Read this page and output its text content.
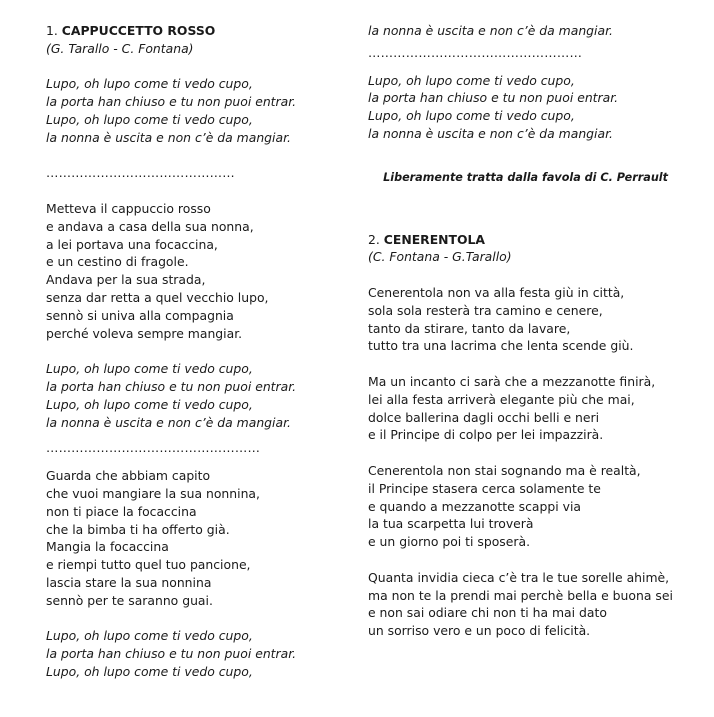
1. CAPPUCCETTO ROSSO
(G. Tarallo - C. Fontana)
Lupo, oh lupo come ti vedo cupo,
la porta han chiuso e tu non puoi entrar.
Lupo, oh lupo come ti vedo cupo,
la nonna è uscita e non c’è da mangiar.
………………………………………
Metteva il cappuccio rosso
e andava a casa della sua nonna,
a lei portava una focaccina,
e un cestino di fragole.
Andava per la sua strada,
senza dar retta a quel vecchio lupo,
sennò si univa alla compagnia
perché voleva sempre mangiar.
Lupo, oh lupo come ti vedo cupo,
la porta han chiuso e tu non puoi entrar.
Lupo, oh lupo come ti vedo cupo,
la nonna è uscita e non c’è da mangiar.
……………………………………………
Guarda che abbiam capito
che vuoi mangiare la sua nonnina,
non ti piace la focaccina
che la bimba ti ha offerto già.
Mangia la focaccina
e riempi tutto quel tuo pancione,
lascia stare la sua nonnina
sennò per te saranno guai.
Lupo, oh lupo come ti vedo cupo,
la porta han chiuso e tu non puoi entrar.
Lupo, oh lupo come ti vedo cupo,
la nonna è uscita e non c’è da mangiar.
……………………………………………
Lupo, oh lupo come ti vedo cupo,
la porta han chiuso e tu non puoi entrar.
Lupo, oh lupo come ti vedo cupo,
la nonna è uscita e non c’è da mangiar.
Liberamente tratta dalla favola di C. Perrault
2. CENERENTOLA
(C. Fontana - G.Tarallo)
Cenerentola non va alla festa giù in città,
sola sola resterà tra camino e cenere,
tanto da stirare, tanto da lavare,
tutto tra una lacrima che lenta scende giù.
Ma un incanto ci sarà che a mezzanotte finirà,
lei alla festa arriverà elegante più che mai,
dolce ballerina dagli occhi belli e neri
e il Principe di colpo per lei impazzirà.
Cenerentola non stai sognando ma è realtà,
il Principe stasera cerca solamente te
e quando a mezzanotte scappi via
la tua scarpetta lui troverà
e un giorno poi ti sposerà.
Quanta invidia cieca c’è tra le tue sorelle ahimè,
ma non te la prendi mai perchè bella e buona sei
e non sai odiare chi non ti ha mai dato
un sorriso vero e un poco di felicità.
